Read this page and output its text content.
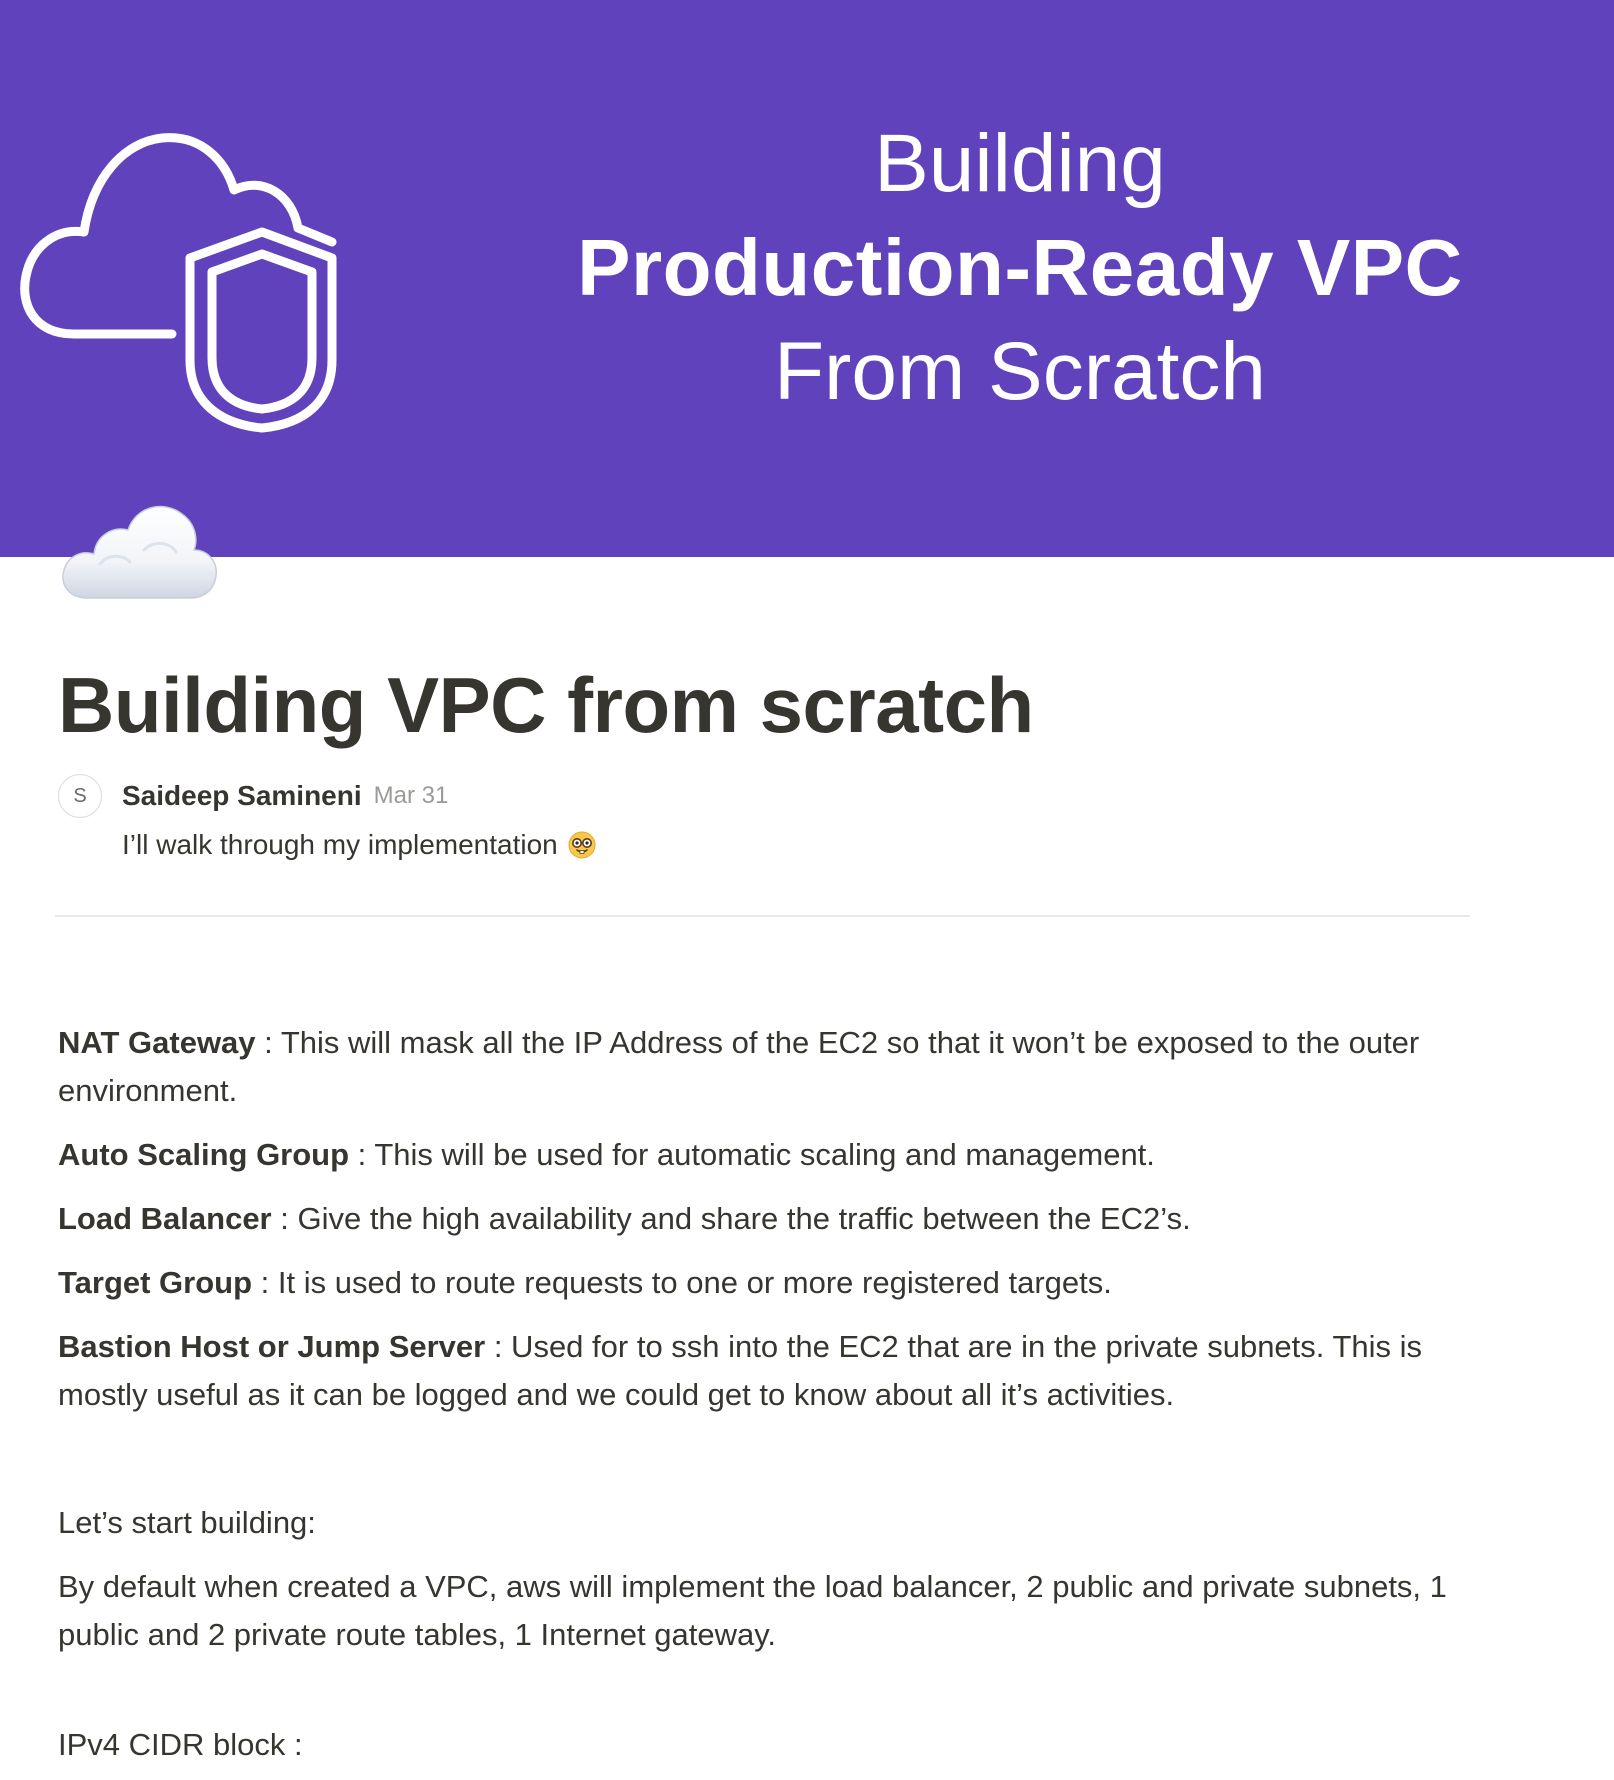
Building
Production-Ready VPC
From Scratch
Building VPC from scratch
S	Saideep Samineni Mar 31
I’ll walk through my implementation

NAT Gateway : This will mask all the IP Address of the EC2 so that it won’t be exposed to the outer environment.

Auto Scaling Group : This will be used for automatic scaling and management.

Load Balancer : Give the high availability and share the traffic between the EC2’s.

Target Group : It is used to route requests to one or more registered targets.

Bastion Host or Jump Server : Used for to ssh into the EC2 that are in the private subnets. This is mostly useful as it can be logged and we could get to know about all it’s activities.

Let’s start building:

By default when created a VPC, aws will implement the load balancer, 2 public and private subnets, 1 public and 2 private route tables, 1 Internet gateway.

IPv4 CIDR block :
